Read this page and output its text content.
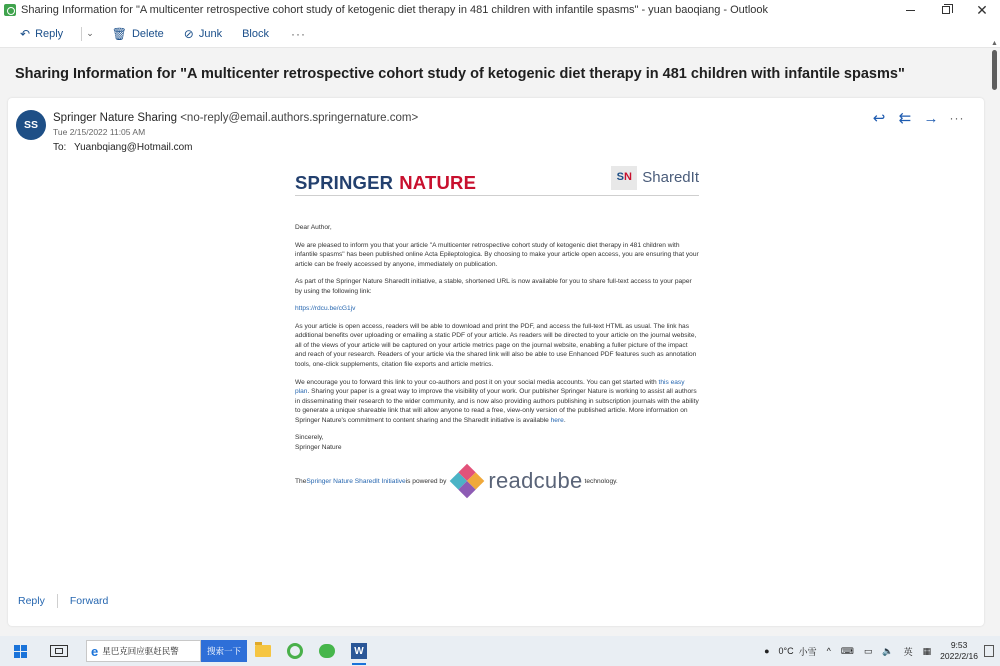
Sharing Information for "A multicenter retrospective cohort study of ketogenic diet therapy in 481 children with infantile spasms" - yuan baoqiang - Outlook	✕
↶ Reply	⌄ 🗑 Delete ⊘ Junk Block ···
Sharing Information for "A multicenter retrospective cohort study of ketogenic diet therapy in 481 children with infantile spasms"
▲
SS
Springer Nature Sharing <no-reply@email.authors.springernature.com>
Tue 2/15/2022 11:05 AM
To: Yuanbqiang@Hotmail.com
↩ ⇇ → ···
SPRINGER NATURE	S N SharedIt

Dear Author,

We are pleased to inform you that your article "A multicenter retrospective cohort study of ketogenic diet therapy in 481 children with infantile spasms" has been published online Acta Epileptologica. By choosing to make your article open access, you are ensuring that your article can be freely accessed by anyone, immediately on publication.

As part of the Springer Nature SharedIt initiative, a stable, shortened URL is now available for you to share full-text access to your paper by using the following link:

https://rdcu.be/cG1jv

As your article is open access, readers will be able to download and print the PDF, and access the full-text HTML as usual. The link has additional benefits over uploading or emailing a static PDF of your article. As readers will be directed to your article on the journal website, all of the views of your article will be captured on your article metrics page on the journal website, enabling a fuller picture of the impact and reach of your research. Readers of your article via the shared link will also be able to use Enhanced PDF features such as annotation tools, one-click supplements, citation file exports and article metrics.

We encourage you to forward this link to your co-authors and post it on your social media accounts. You can get started with this easy plan. Sharing your paper is a great way to improve the visibility of your work. Our publisher Springer Nature is working to assist all authors in disseminating their research to the wider community, and is now also providing authors publishing in subscription journals with the ability to generate a unique shareable link that will allow anyone to read a free, view-only version of the published article. More information on Springer Nature's commitment to content sharing and the SharedIt initiative is available here.

Sincerely,
Springer Nature

The Springer Nature SharedIt Initiative is powered by readcube technology.
Reply Forward
e 星巴克回应驱赶民警	搜索一下	W	● 0°C 小雪 ^ ⌨ ▭ 🔈 英 ▦
9:53
2022/2/16
